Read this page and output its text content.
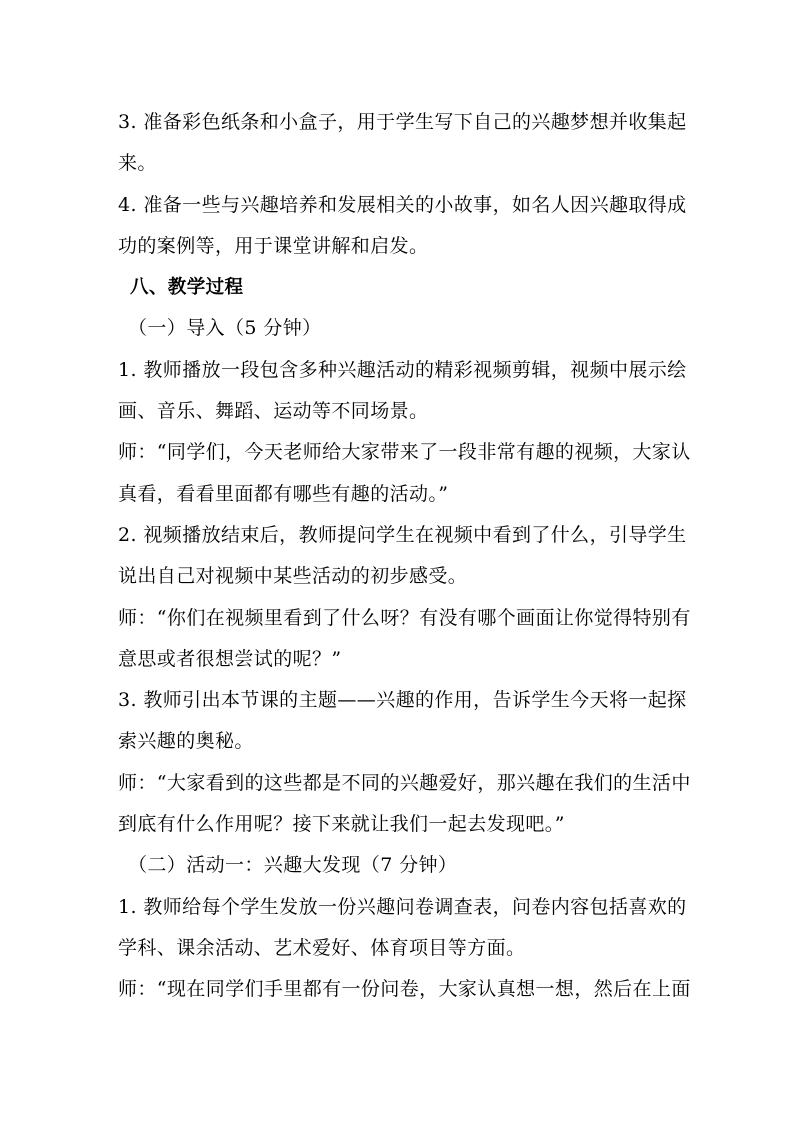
3. 准备彩色纸条和小盒子，用于学生写下自己的兴趣梦想并收集起
来。
4. 准备一些与兴趣培养和发展相关的小故事，如名人因兴趣取得成
功的案例等，用于课堂讲解和启发。
八、教学过程
（一）导入（5 分钟）
1. 教师播放一段包含多种兴趣活动的精彩视频剪辑，视频中展示绘
画、音乐、舞蹈、运动等不同场景。
师：“同学们，今天老师给大家带来了一段非常有趣的视频，大家认
真看，看看里面都有哪些有趣的活动。”
2. 视频播放结束后，教师提问学生在视频中看到了什么，引导学生
说出自己对视频中某些活动的初步感受。
师：“你们在视频里看到了什么呀？有没有哪个画面让你觉得特别有
意思或者很想尝试的呢？”
3. 教师引出本节课的主题——兴趣的作用，告诉学生今天将一起探
索兴趣的奥秘。
师：“大家看到的这些都是不同的兴趣爱好，那兴趣在我们的生活中
到底有什么作用呢？接下来就让我们一起去发现吧。”
（二）活动一：兴趣大发现（7 分钟）
1. 教师给每个学生发放一份兴趣问卷调查表，问卷内容包括喜欢的
学科、课余活动、艺术爱好、体育项目等方面。
师：“现在同学们手里都有一份问卷，大家认真想一想，然后在上面
